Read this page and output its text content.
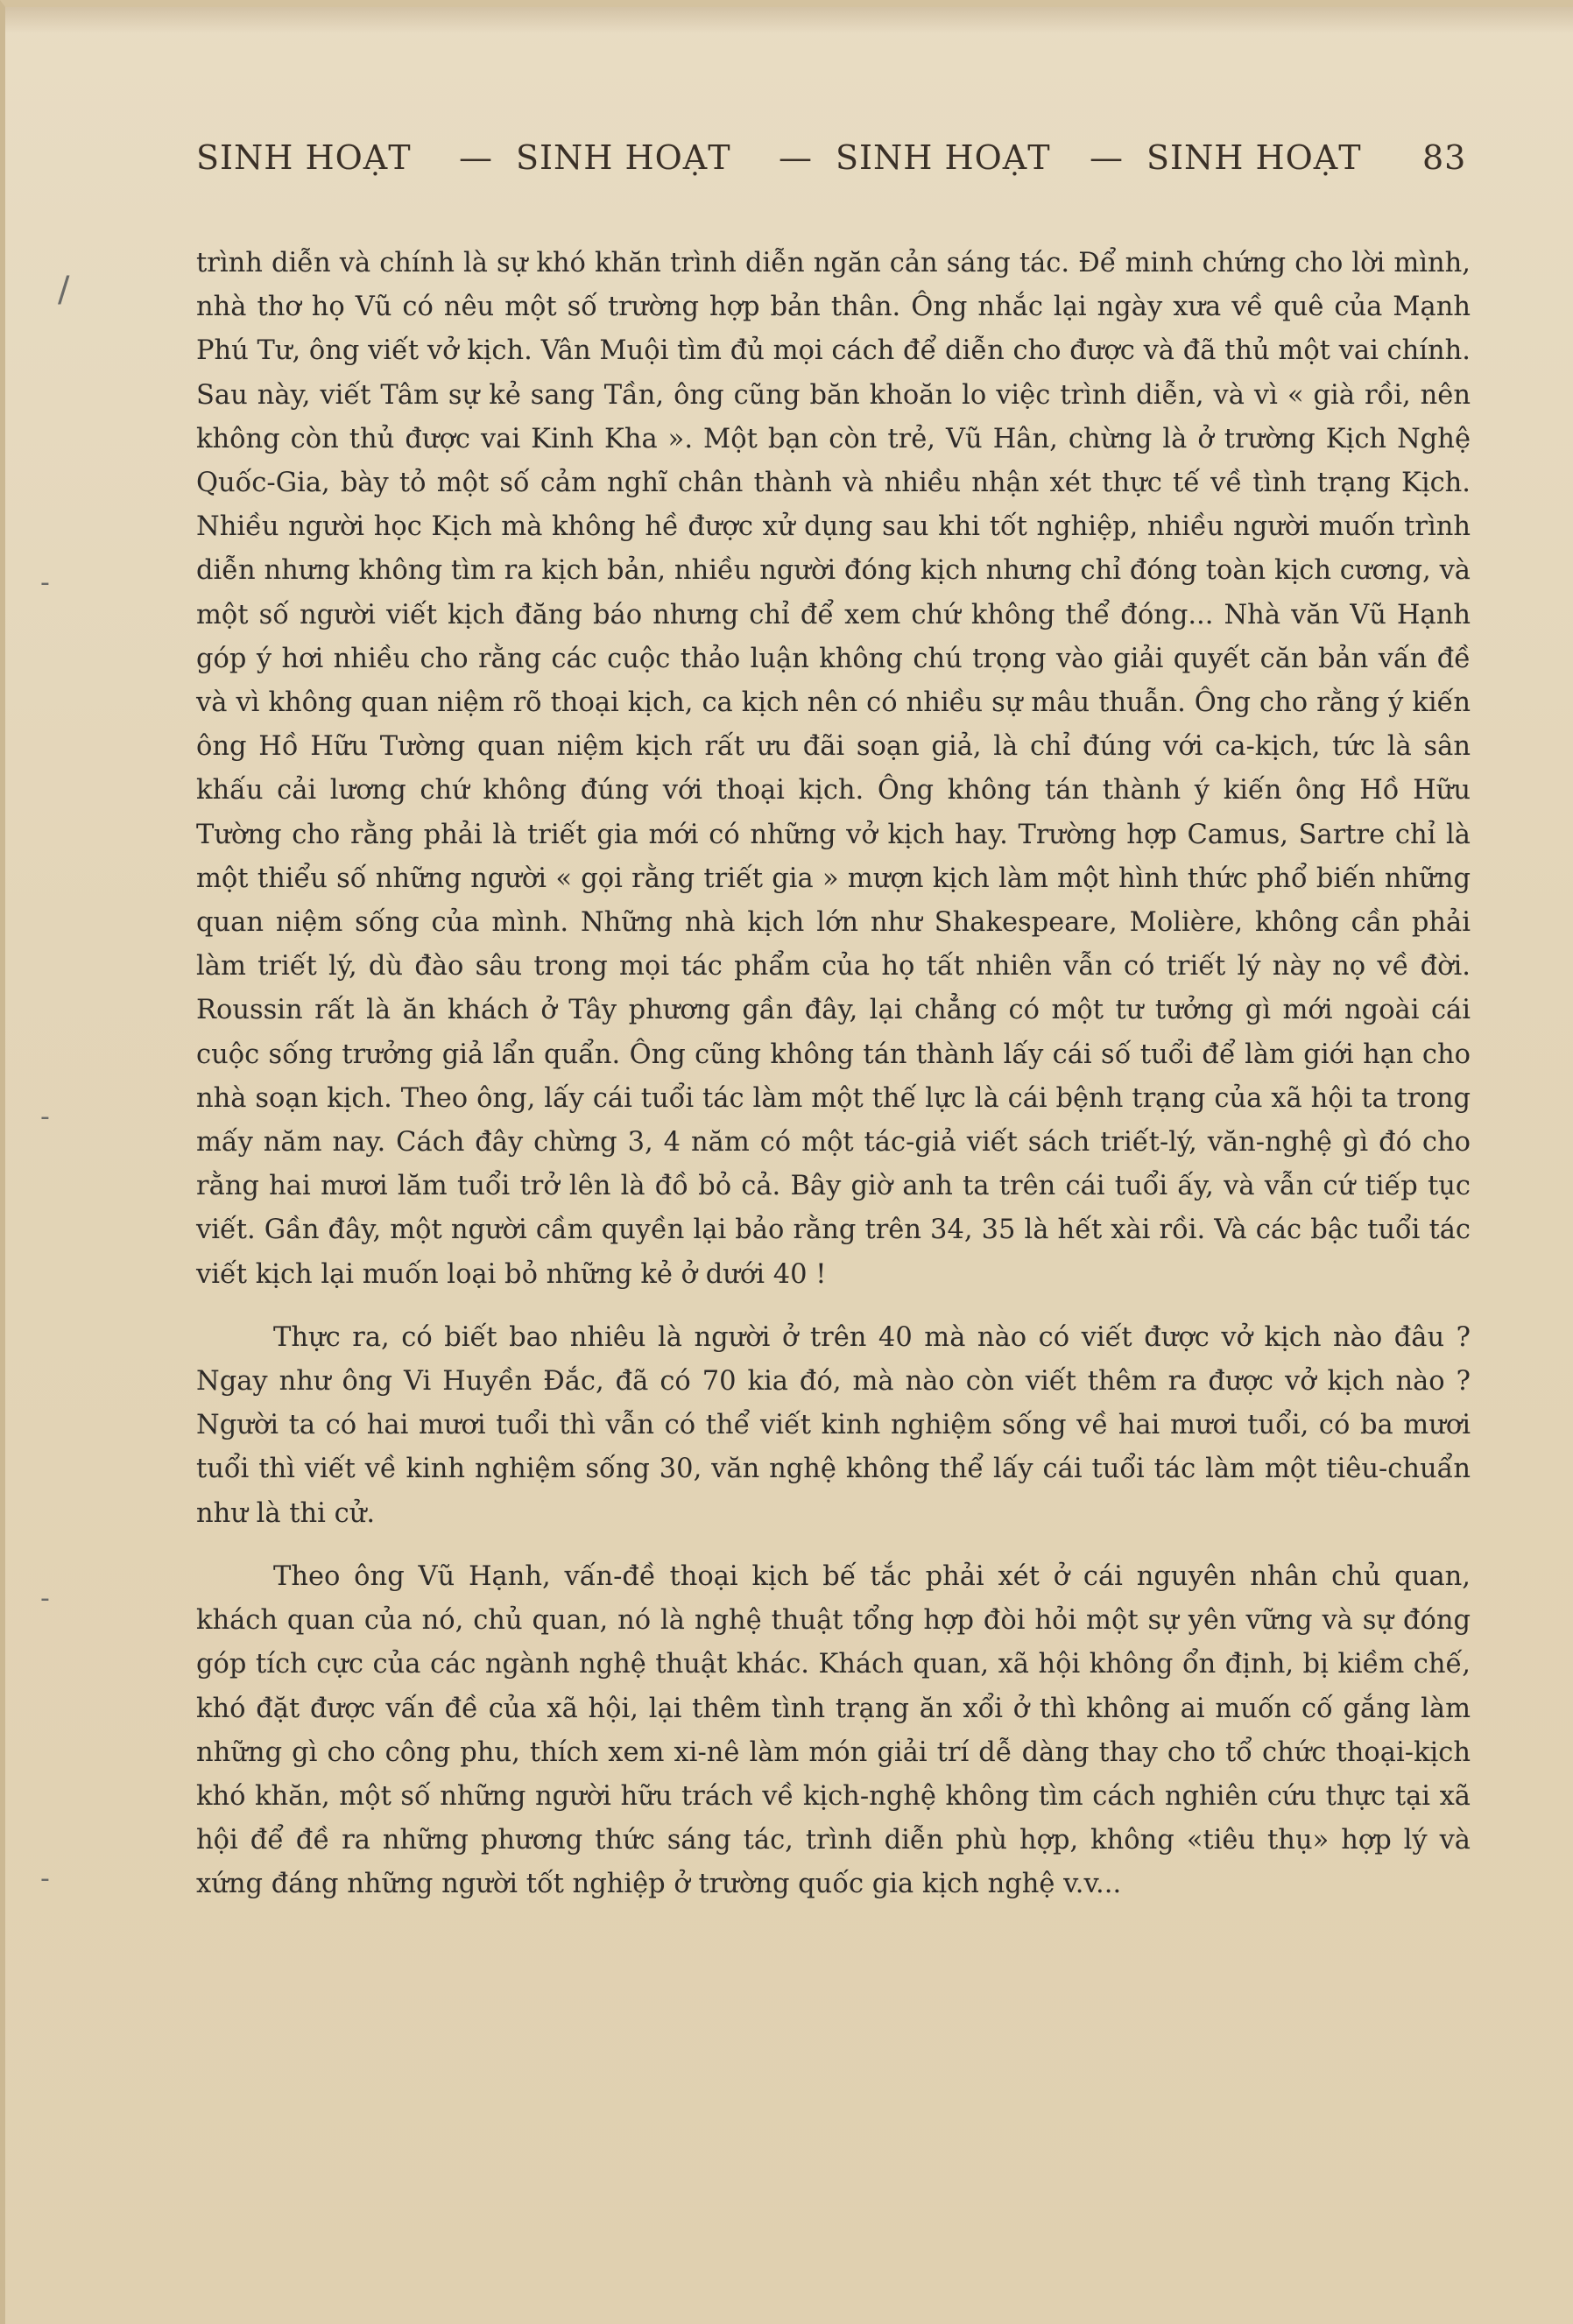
SINH HOẠT — SINH HOẠT — SINH HOẠT — SINH HOẠT 83

trình diễn và chính là sự khó khăn trình diễn ngăn cản sáng tác. Để minh chứng cho lời mình, nhà thơ họ Vũ có nêu một số trường hợp bản thân. Ông nhắc lại ngày xưa về quê của Mạnh Phú Tư, ông viết vở kịch. Vân Muội tìm đủ mọi cách để diễn cho được và đã thủ một vai chính. Sau này, viết Tâm sự kẻ sang Tần, ông cũng băn khoăn lo việc trình diễn, và vì « già rồi, nên không còn thủ được vai Kinh Kha ». Một bạn còn trẻ, Vũ Hân, chừng là ở trường Kịch Nghệ Quốc-Gia, bày tỏ một số cảm nghĩ chân thành và nhiều nhận xét thực tế về tình trạng Kịch. Nhiều người học Kịch mà không hề được xử dụng sau khi tốt nghiệp, nhiều người muốn trình diễn nhưng không tìm ra kịch bản, nhiều người đóng kịch nhưng chỉ đóng toàn kịch cương, và một số người viết kịch đăng báo nhưng chỉ để xem chứ không thể đóng... Nhà văn Vũ Hạnh góp ý hơi nhiều cho rằng các cuộc thảo luận không chú trọng vào giải quyết căn bản vấn đề và vì không quan niệm rõ thoại kịch, ca kịch nên có nhiều sự mâu thuẫn. Ông cho rằng ý kiến ông Hồ Hữu Tường quan niệm kịch rất ưu đãi soạn giả, là chỉ đúng với ca-kịch, tức là sân khấu cải lương chứ không đúng với thoại kịch. Ông không tán thành ý kiến ông Hồ Hữu Tường cho rằng phải là triết gia mới có những vở kịch hay. Trường hợp Camus, Sartre chỉ là một thiểu số những người « gọi rằng triết gia » mượn kịch làm một hình thức phổ biến những quan niệm sống của mình. Những nhà kịch lớn như Shakespeare, Molière, không cần phải làm triết lý, dù đào sâu trong mọi tác phẩm của họ tất nhiên vẫn có triết lý này nọ về đời. Roussin rất là ăn khách ở Tây phương gần đây, lại chẳng có một tư tưởng gì mới ngoài cái cuộc sống trưởng giả lẩn quẩn. Ông cũng không tán thành lấy cái số tuổi để làm giới hạn cho nhà soạn kịch. Theo ông, lấy cái tuổi tác làm một thế lực là cái bệnh trạng của xã hội ta trong mấy năm nay. Cách đây chừng 3, 4 năm có một tác-giả viết sách triết-lý, văn-nghệ gì đó cho rằng hai mươi lăm tuổi trở lên là đồ bỏ cả. Bây giờ anh ta trên cái tuổi ấy, và vẫn cứ tiếp tục viết. Gần đây, một người cầm quyền lại bảo rằng trên 34, 35 là hết xài rồi. Và các bậc tuổi tác viết kịch lại muốn loại bỏ những kẻ ở dưới 40 !

Thực ra, có biết bao nhiêu là người ở trên 40 mà nào có viết được vở kịch nào đâu ? Ngay như ông Vi Huyền Đắc, đã có 70 kia đó, mà nào còn viết thêm ra được vở kịch nào ? Người ta có hai mươi tuổi thì vẫn có thể viết kinh nghiệm sống về hai mươi tuổi, có ba mươi tuổi thì viết về kinh nghiệm sống 30, văn nghệ không thể lấy cái tuổi tác làm một tiêu-chuẩn như là thi cử.

Theo ông Vũ Hạnh, vấn-đề thoại kịch bế tắc phải xét ở cái nguyên nhân chủ quan, khách quan của nó, chủ quan, nó là nghệ thuật tổng hợp đòi hỏi một sự yên vững và sự đóng góp tích cực của các ngành nghệ thuật khác. Khách quan, xã hội không ổn định, bị kiềm chế, khó đặt được vấn đề của xã hội, lại thêm tình trạng ăn xổi ở thì không ai muốn cố gắng làm những gì cho công phu, thích xem xi-nê làm món giải trí dễ dàng thay cho tổ chức thoại-kịch khó khăn, một số những người hữu trách về kịch-nghệ không tìm cách nghiên cứu thực tại xã hội để đề ra những phương thức sáng tác, trình diễn phù hợp, không «tiêu thụ» hợp lý và xứng đáng những người tốt nghiệp ở trường quốc gia kịch nghệ v.v...

/
-
-
-
-
